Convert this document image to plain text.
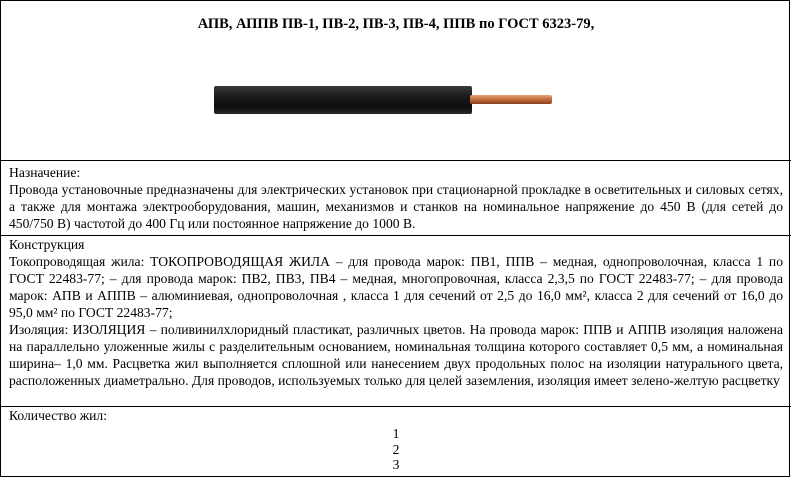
АПВ, АППВ ПВ-1, ПВ-2, ПВ-3, ПВ-4, ППВ по ГОСТ 6323-79,
Назначение:
Провода установочные предназначены для электрических установок при стационарной прокладке в осветительных и силовых сетях, а также для монтажа электрооборудования, машин, механизмов и станков на номинальное напряжение до 450 В (для сетей до 450/750 В) частотой до 400 Гц или постоянное напряжение до 1000 В.
Конструкция
Токопроводящая жила: ТОКОПРОВОДЯЩАЯ ЖИЛА – для провода марок: ПВ1, ППВ – медная, однопроволочная, класса 1 по ГОСТ 22483-77; – для провода марок: ПВ2, ПВ3, ПВ4 – медная, многопровочная, класса 2,3,5 по ГОСТ 22483-77; – для провода марок: АПВ и АППВ – алюминиевая, однопроволочная , класса 1 для сечений от 2,5 до 16,0 мм², класса 2 для сечений от 16,0 до 95,0 мм² по ГОСТ 22483-77;
Изоляция: ИЗОЛЯЦИЯ – поливинилхлоридный пластикат, различных цветов. На провода марок: ППВ и АППВ изоляция наложена на параллельно уложенные жилы с разделительным основанием, номинальная толщина которого составляет 0,5 мм, а номинальная ширина– 1,0 мм. Расцветка жил выполняется сплошной или нанесением двух продольных полос на изоляции натурального цвета, расположенных диаметрально. Для проводов, используемых только для целей заземления, изоляция имеет зелено-желтую расцветку
Количество жил:
1
2
3
